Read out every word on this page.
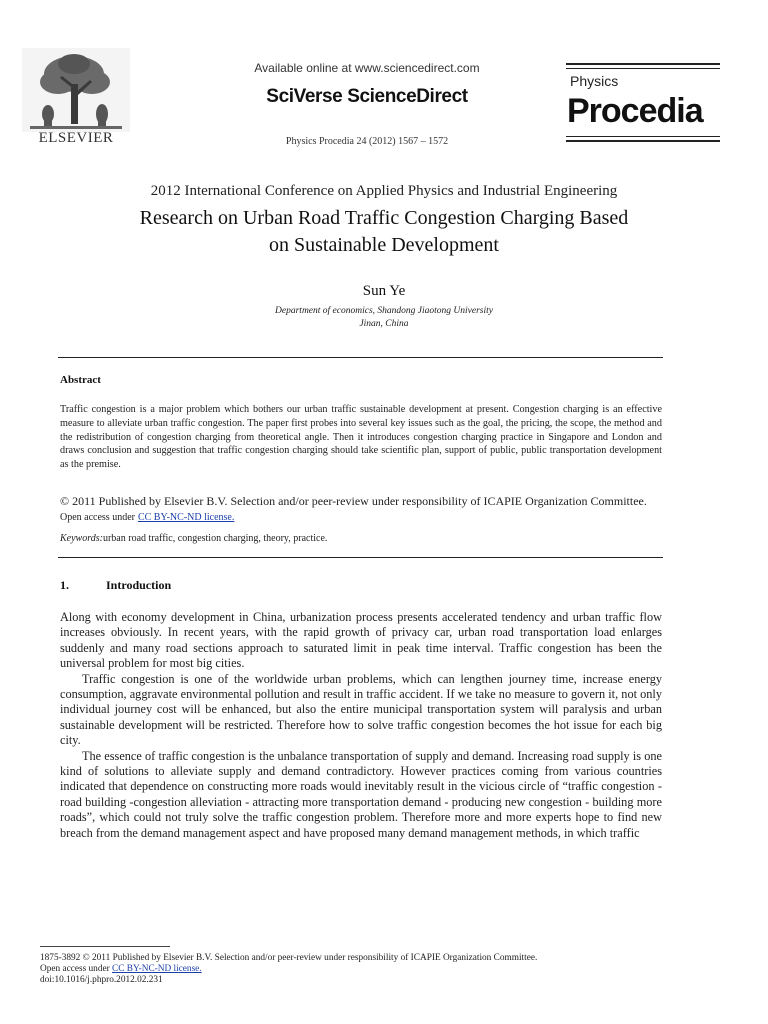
ELSEVIER
Available online at www.sciencedirect.com
SciVerse ScienceDirect
Physics Procedia 24 (2012) 1567 – 1572
Physics
Procedia
2012 International Conference on Applied Physics and Industrial Engineering
Research on Urban Road Traffic Congestion Charging Based
on Sustainable Development
Sun Ye
Department of economics, Shandong Jiaotong University
Jinan, China
Abstract
Traffic congestion is a major problem which bothers our urban traffic sustainable development at present. Congestion charging is an effective measure to alleviate urban traffic congestion. The paper first probes into several key issues such as the goal, the pricing, the scope, the method and the redistribution of congestion charging from theoretical angle. Then it introduces congestion charging practice in Singapore and London and draws conclusion and suggestion that traffic congestion charging should take scientific plan, support of public, public transportation development as the premise.
© 2011 Published by Elsevier B.V. Selection and/or peer-review under responsibility of ICAPIE Organization Committee. Open access under CC BY-NC-ND license.
Keywords:urban road traffic, congestion charging, theory, practice.
1.	Introduction

Along with economy development in China, urbanization process presents accelerated tendency and urban traffic flow increases obviously. In recent years, with the rapid growth of privacy car, urban road transportation load enlarges suddenly and many road sections approach to saturated limit in peak time interval. Traffic congestion has been the universal problem for most big cities.

Traffic congestion is one of the worldwide urban problems, which can lengthen journey time, increase energy consumption, aggravate environmental pollution and result in traffic accident. If we take no measure to govern it, not only individual journey cost will be enhanced, but also the entire municipal transportation system will paralysis and urban sustainable development will be restricted. Therefore how to solve traffic congestion becomes the hot issue for each big city.

The essence of traffic congestion is the unbalance transportation of supply and demand. Increasing road supply is one kind of solutions to alleviate supply and demand contradictory. However practices coming from various countries indicated that dependence on constructing more roads would inevitably result in the vicious circle of “traffic congestion -road building -congestion alleviation - attracting more transportation demand - producing new congestion - building more roads”, which could not truly solve the traffic congestion problem. Therefore more and more experts hope to find new breach from the demand management aspect and have proposed many demand management methods, in which traffic

1875-3892 © 2011 Published by Elsevier B.V. Selection and/or peer-review under responsibility of ICAPIE Organization Committee.
Open access under CC BY-NC-ND license.
doi:10.1016/j.phpro.2012.02.231
